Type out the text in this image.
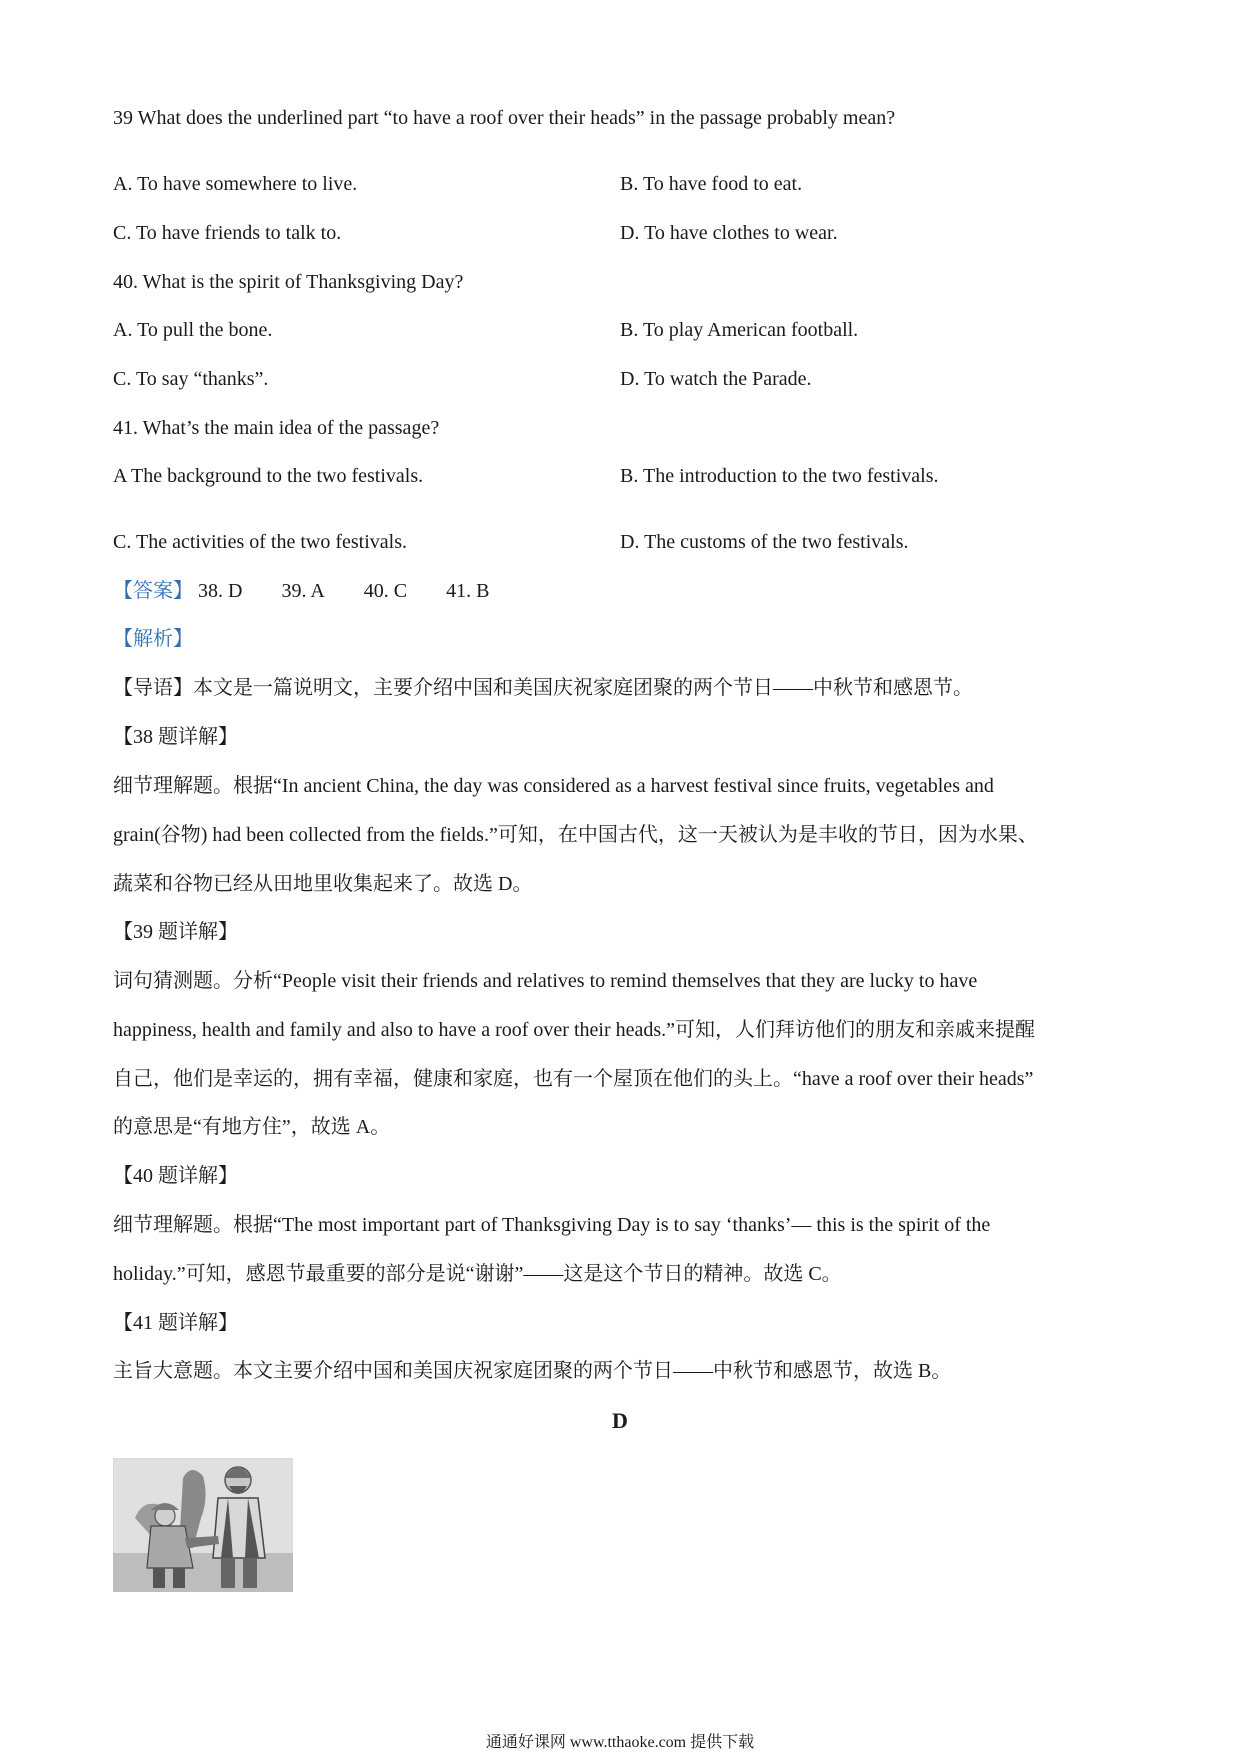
39 What does the underlined part “to have a roof over their heads” in the passage probably mean?
A. To have somewhere to live.	B. To have food to eat.
C. To have friends to talk to.	D. To have clothes to wear.
40. What is the spirit of Thanksgiving Day?
A. To pull the bone.	B. To play American football.
C. To say “thanks”.	D. To watch the Parade.
41. What’s the main idea of the passage?
A The background to the two festivals.	B. The introduction to the two festivals.
C. The activities of the two festivals.	D. The customs of the two festivals.
【答案】 38. D 39. A 40. C 41. B
【解析】
【导语】本文是一篇说明文，主要介绍中国和美国庆祝家庭团聚的两个节日——中秋节和感恩节。
【38 题详解】
细节理解题。根据“In ancient China, the day was considered as a harvest festival since fruits, vegetables and
grain(谷物) had been collected from the fields.”可知，在中国古代，这一天被认为是丰收的节日，因为水果、
蔬菜和谷物已经从田地里收集起来了。故选 D。
【39 题详解】
词句猜测题。分析“People visit their friends and relatives to remind themselves that they are lucky to have
happiness, health and family and also to have a roof over their heads.”可知，人们拜访他们的朋友和亲戚来提醒
自己，他们是幸运的，拥有幸福，健康和家庭，也有一个屋顶在他们的头上。“have a roof over their heads”
的意思是“有地方住”，故选 A。
【40 题详解】
细节理解题。根据“The most important part of Thanksgiving Day is to say ‘thanks’— this is the spirit of the
holiday.”可知，感恩节最重要的部分是说“谢谢”——这是这个节日的精神。故选 C。
【41 题详解】
主旨大意题。本文主要介绍中国和美国庆祝家庭团聚的两个节日——中秋节和感恩节，故选 B。
D
通通好课网 www.tthaoke.com 提供下载
